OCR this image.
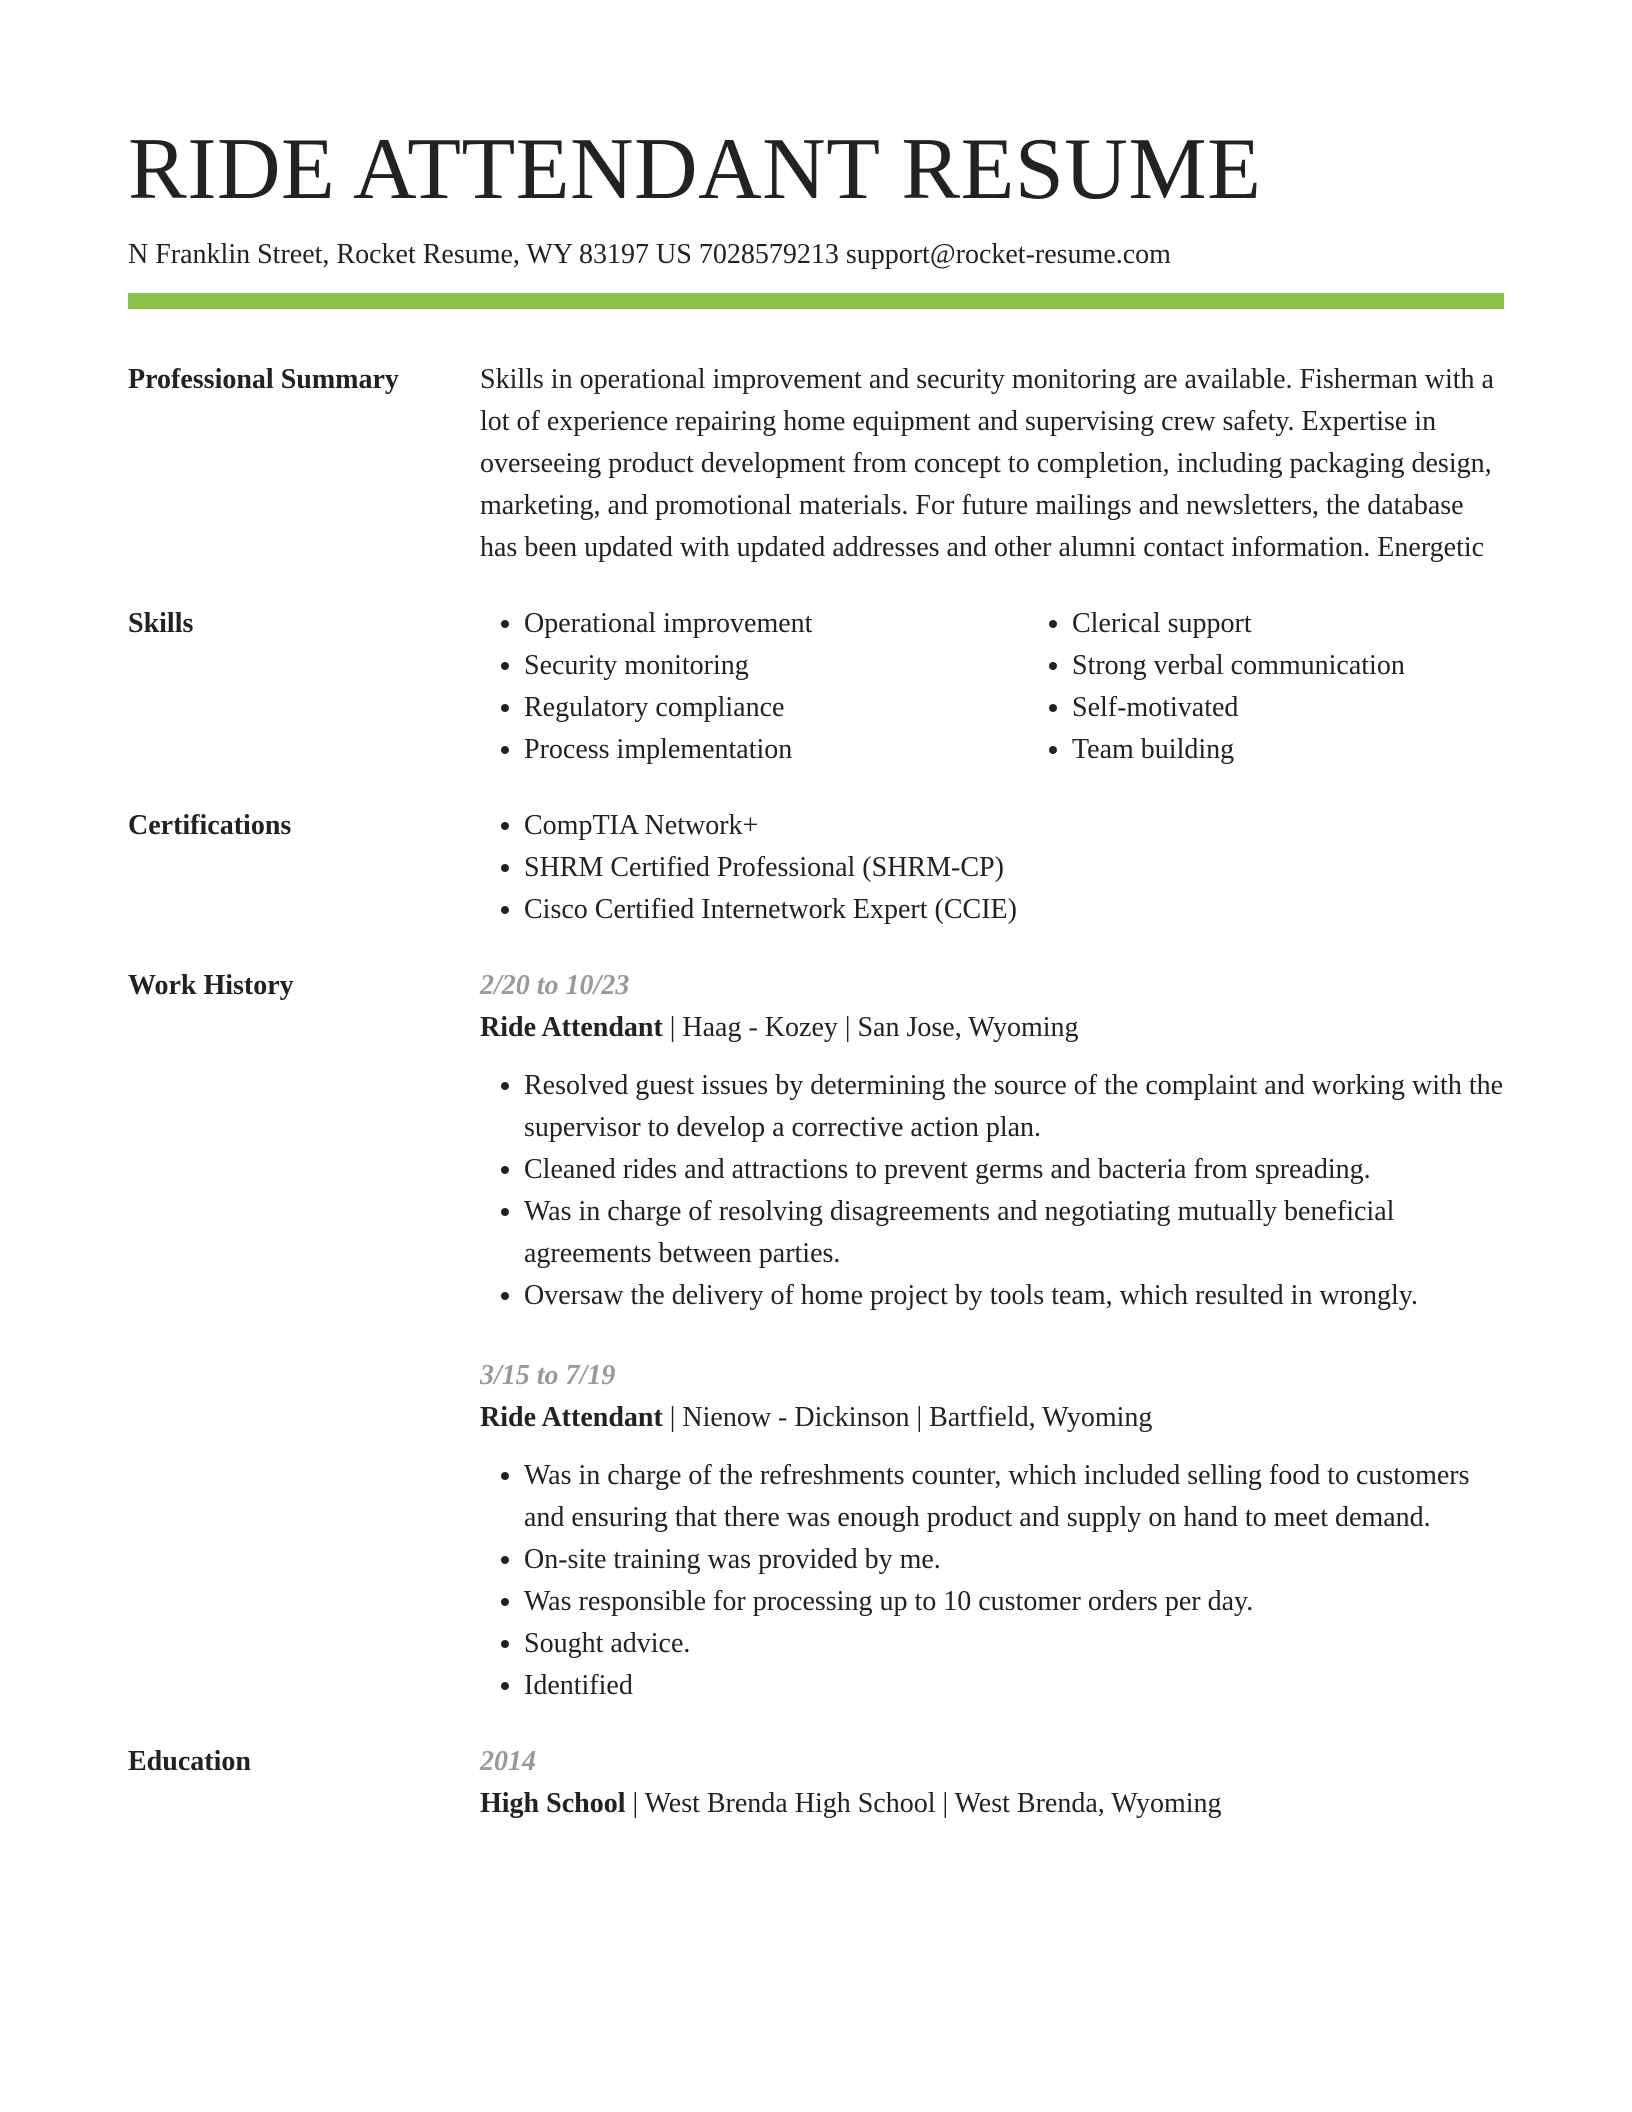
RIDE ATTENDANT RESUME
N Franklin Street, Rocket Resume, WY 83197 US 7028579213 support@rocket-resume.com
Professional Summary	Skills in operational improvement and security monitoring are available. Fisherman with a lot of experience repairing home equipment and supervising crew safety. Expertise in overseeing product development from concept to completion, including packaging design, marketing, and promotional materials. For future mailings and newsletters, the database has been updated with updated addresses and other alumni contact information. Energetic

Skills	• Operational improvement
• Security monitoring
• Regulatory compliance
• Process implementation
• Clerical support
• Strong verbal communication
• Self-motivated
• Team building
Certifications	• CompTIA Network+
• SHRM Certified Professional (SHRM-CP)
• Cisco Certified Internetwork Expert (CCIE)
Work History	2/20 to 10/23
Ride Attendant | Haag - Kozey | San Jose, Wyoming
• Resolved guest issues by determining the source of the complaint and working with the supervisor to develop a corrective action plan.
• Cleaned rides and attractions to prevent germs and bacteria from spreading.
• Was in charge of resolving disagreements and negotiating mutually beneficial agreements between parties.
• Oversaw the delivery of home project by tools team, which resulted in wrongly.
3/15 to 7/19
Ride Attendant | Nienow - Dickinson | Bartfield, Wyoming
• Was in charge of the refreshments counter, which included selling food to customers and ensuring that there was enough product and supply on hand to meet demand.
• On-site training was provided by me.
• Was responsible for processing up to 10 customer orders per day.
• Sought advice.
• Identified
Education	2014
High School | West Brenda High School | West Brenda, Wyoming
